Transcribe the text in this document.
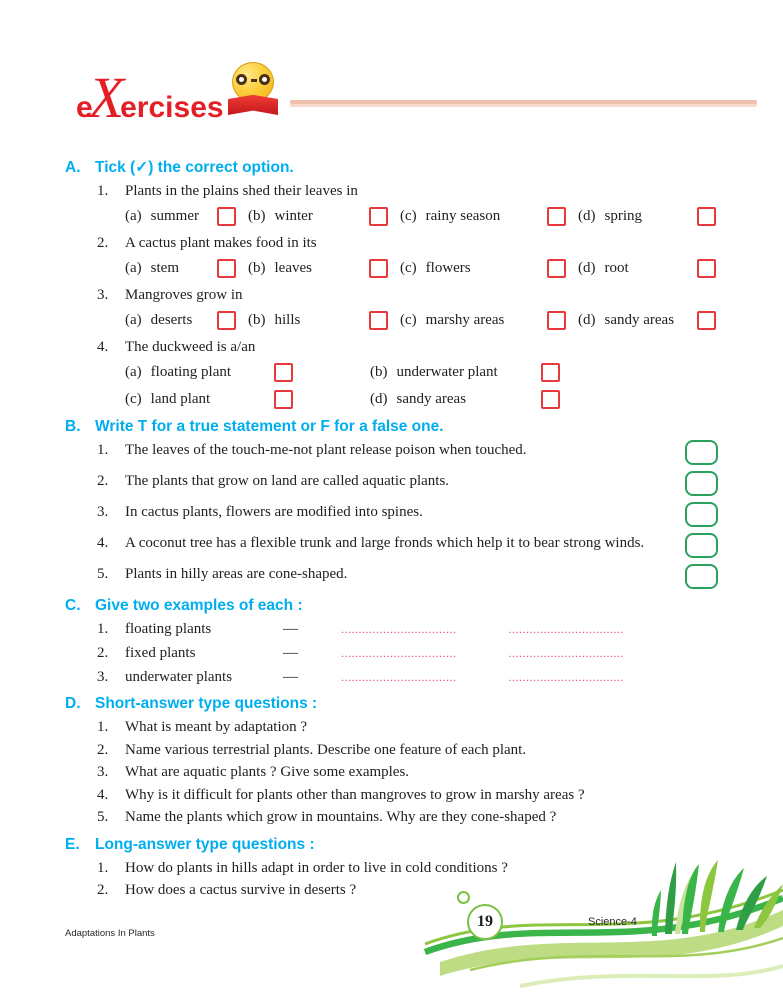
e
X
ercises
A. Tick (✓) the correct option.
1.	Plants in the plains shed their leaves in
(a) summer	(b) winter	(c) rainy season	(d) spring
2.	A cactus plant makes food in its
(a) stem	(b) leaves	(c) flowers	(d) root
3.	Mangroves grow in
(a) deserts	(b) hills	(c) marshy areas	(d) sandy areas
4.	The duckweed is a/an
(a) floating plant	(b) underwater plant
(c) land plant	(d) sandy areas
B. Write T for a true statement or F for a false one.
1.	The leaves of the touch-me-not plant release poison when touched.
2.	The plants that grow on land are called aquatic plants.
3.	In cactus plants, flowers are modified into spines.
4.	A coconut tree has a flexible trunk and large fronds which help it to bear strong winds.
5.	Plants in hilly areas are cone-shaped.
C. Give two examples of each :
1.	floating plants	—	.................................	.................................
2.	fixed plants	—	.................................	.................................
3.	underwater plants	—	.................................	.................................
D. Short-answer type questions :
1.	What is meant by adaptation ?
2.	Name various terrestrial plants. Describe one feature of each plant.
3.	What are aquatic plants ? Give some examples.
4.	Why is it difficult for plants other than mangroves to grow in marshy areas ?
5.	Name the plants which grow in mountains. Why are they cone-shaped ?
E. Long-answer type questions :
1.	How do plants in hills adapt in order to live in cold conditions ?
2.	How does a cactus survive in deserts ?
19
Adaptations In Plants
Science-4
